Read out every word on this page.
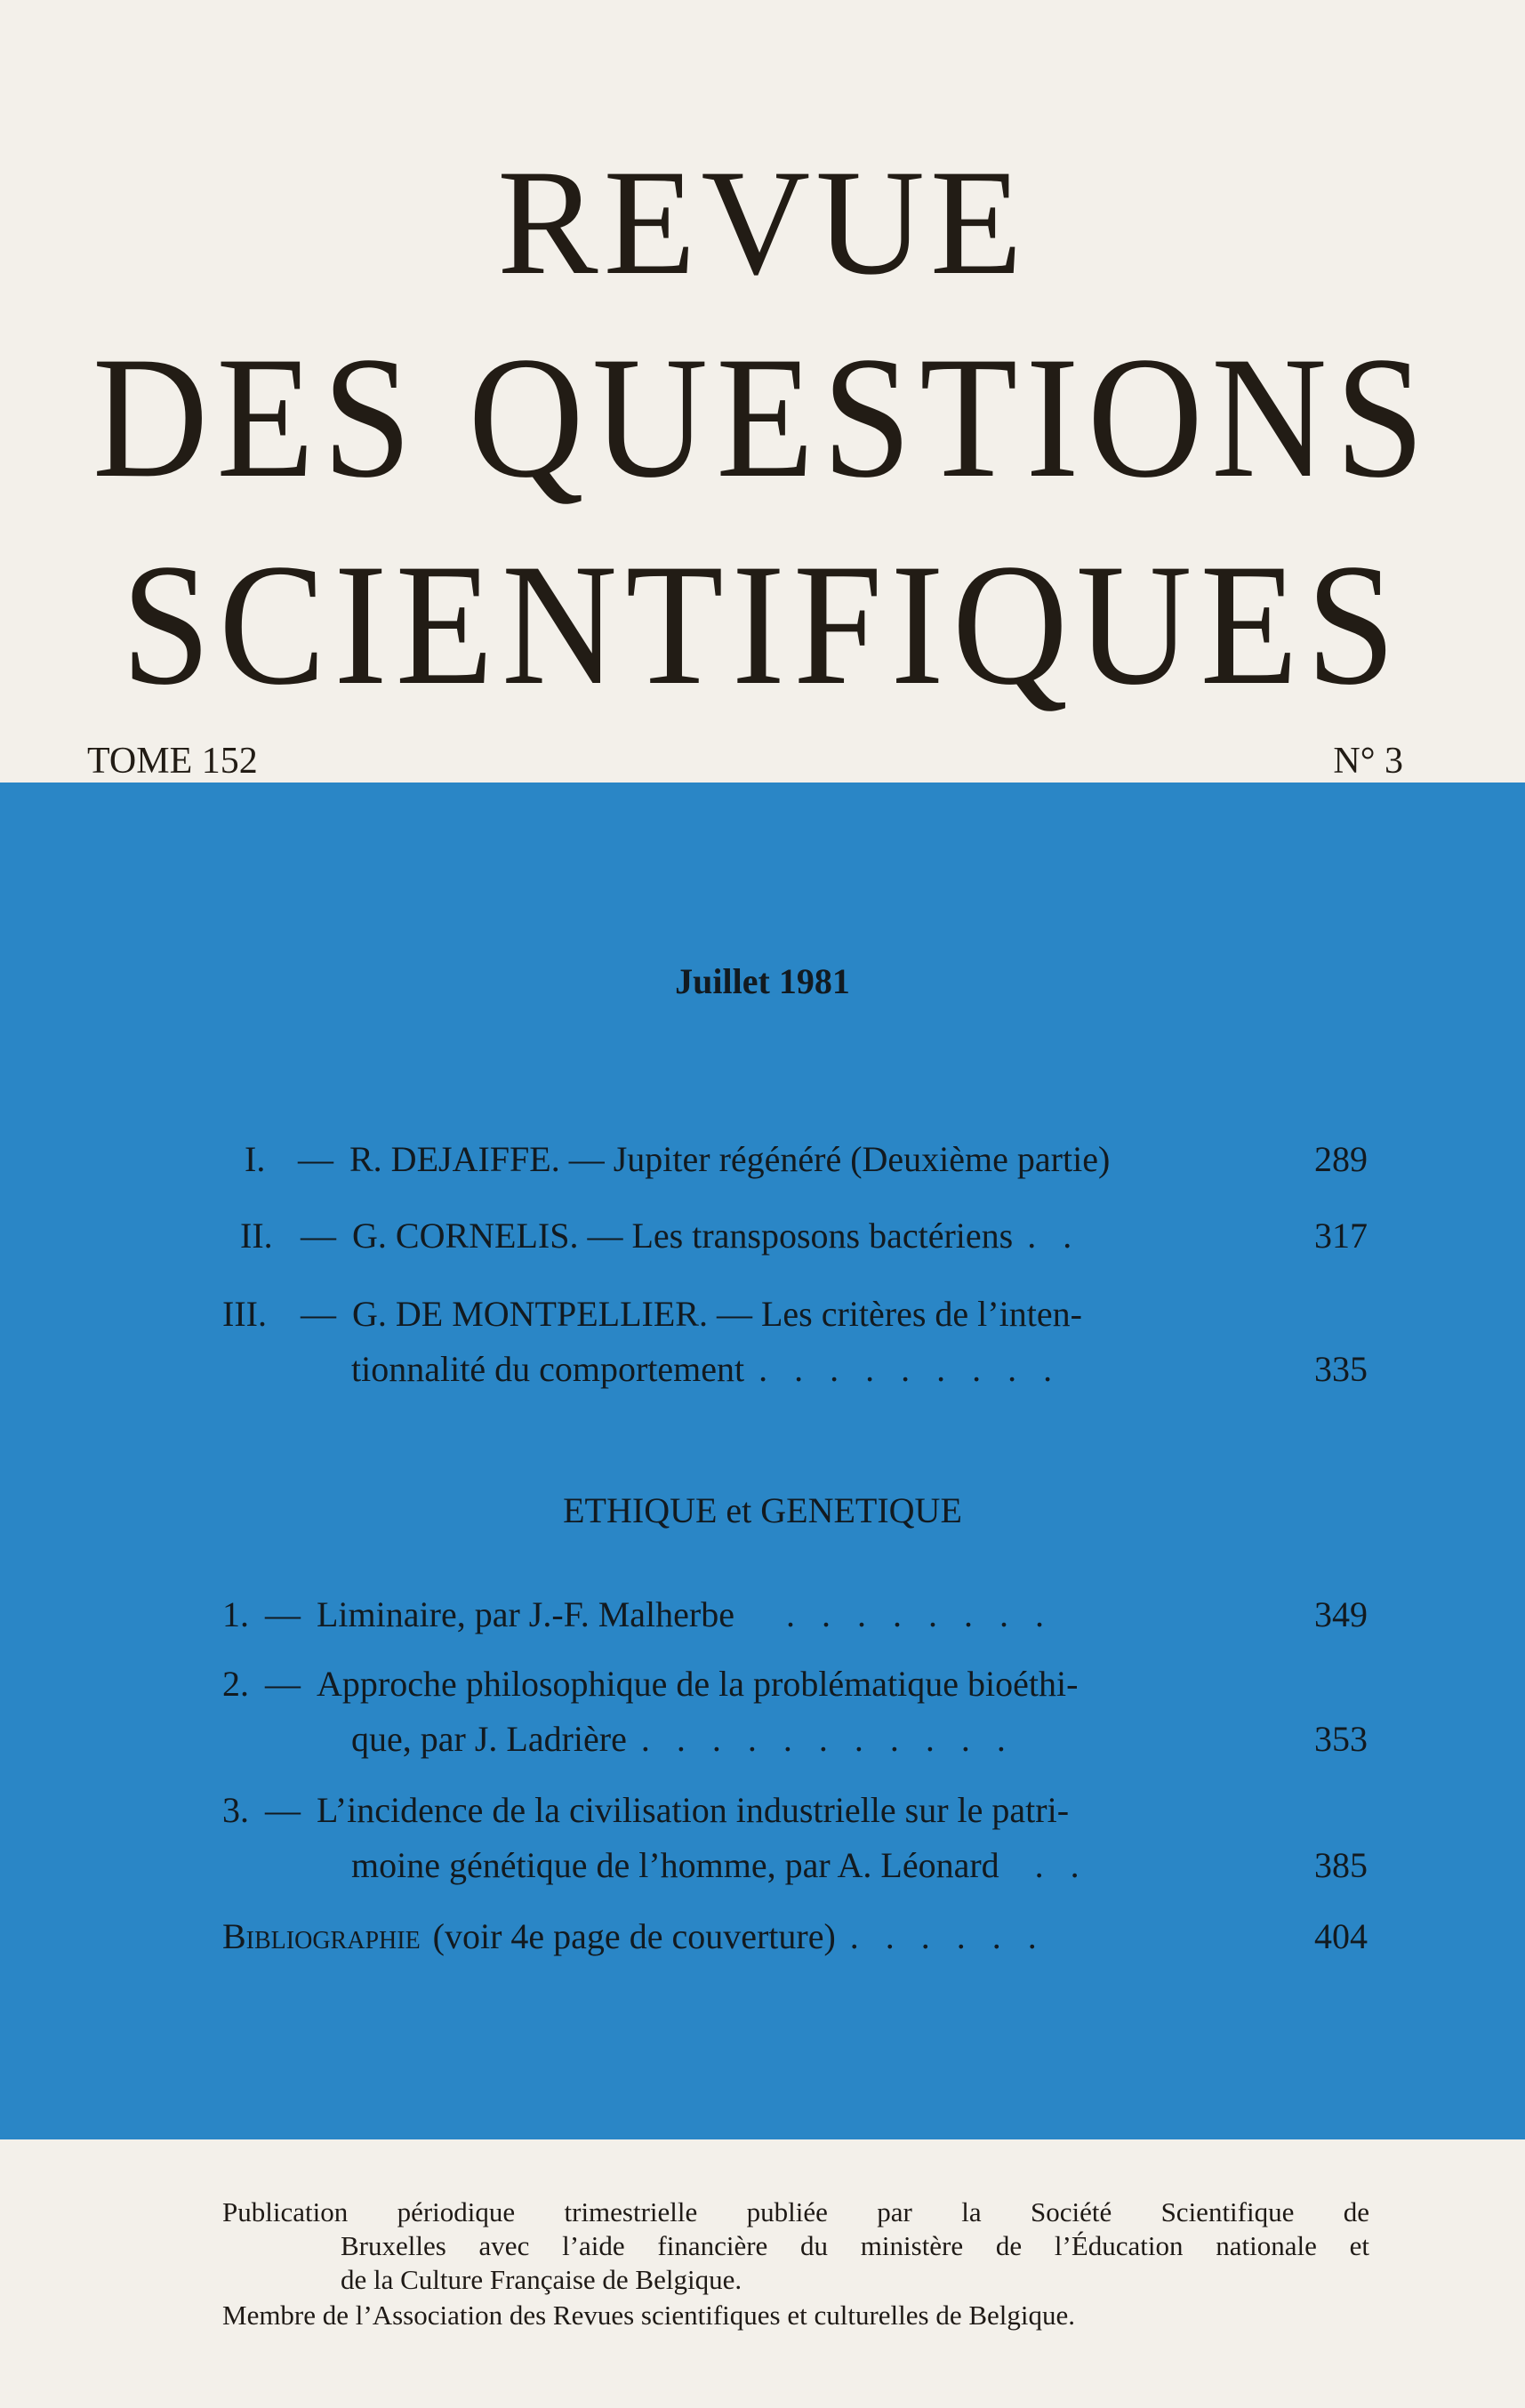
REVUE
DES QUESTIONS
SCIENTIFIQUES
TOME 152	N° 3
Juillet 1981
I. — R. DEJAIFFE. — Jupiter régénéré (Deuxième partie)	289
II. — G. CORNELIS. — Les transposons bactériens . .	317
III. — G. DE MONTPELLIER. — Les critères de l’inten-
tionnalité du comportement . . . . . . . . .	335
ETHIQUE et GENETIQUE
1. — Liminaire, par J.-F. Malherbe . . . . . . . .	349
2. — Approche philosophique de la problématique bioéthi-
que, par J. Ladrière . . . . . . . . . . .	353
3. — L’incidence de la civilisation industrielle sur le patri-
moine génétique de l’homme, par A. Léonard . .	385
Bibliographie (voir 4e page de couverture) . . . . . .	404
Publication périodique trimestrielle publiée par la Société Scientifique de
Bruxelles avec l’aide financière du ministère de l’Éducation nationale et
de la Culture Française de Belgique.
Membre de l’Association des Revues scientifiques et culturelles de Belgique.
